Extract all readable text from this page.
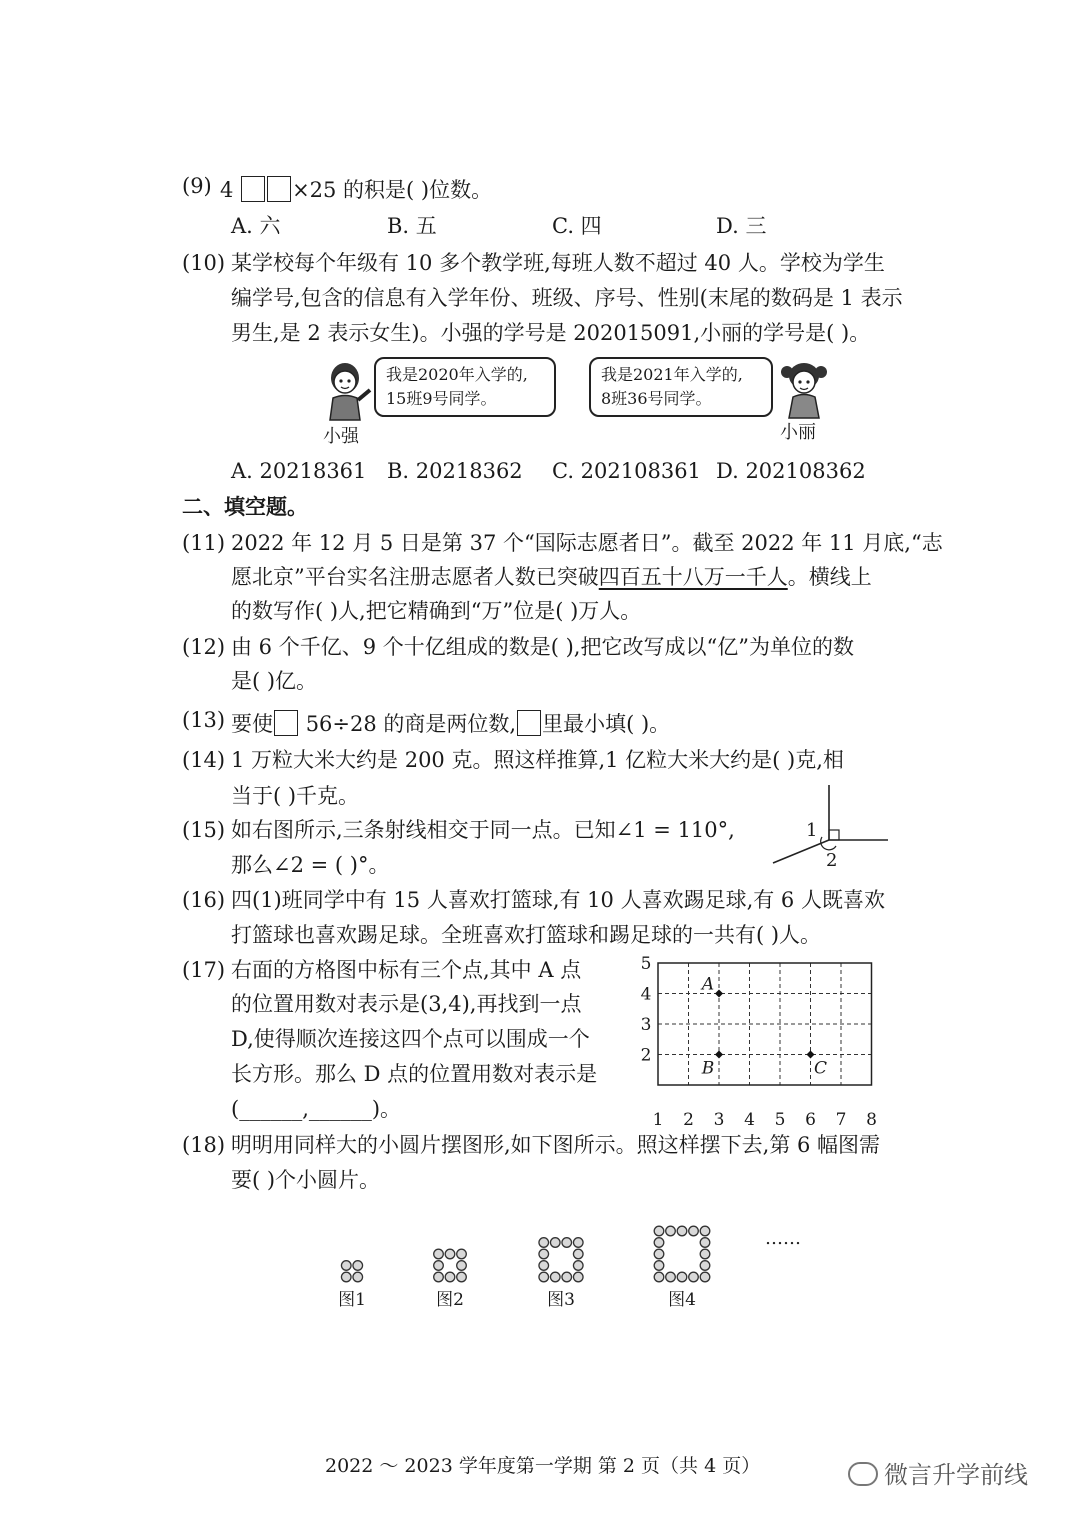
(9) 4	×25 的积是( )位数。
A. 六	B. 五	C. 四	D. 三
(10) 某学校每个年级有 10 多个教学班,每班人数不超过 40 人。学校为学生
编学号,包含的信息有入学年份、班级、序号、性别(末尾的数码是 1 表示
男生,是 2 表示女生)。小强的学号是 202015091,小丽的学号是( )。
我是2020年入学的,
15班9号同学。
小强
我是2021年入学的,
8班36号同学。
小丽
A. 20218361 B. 20218362 C. 202108361 D. 202108362
二、填空题。
(11) 2022 年 12 月 5 日是第 37 个“国际志愿者日”。截至 2022 年 11 月底,“志
愿北京”平台实名注册志愿者人数已突破四百五十八万一千人。横线上
的数写作( )人,把它精确到“万”位是( )万人。
(12) 由 6 个千亿、9 个十亿组成的数是( ),把它改写成以“亿”为单位的数
是( )亿。
(13) 要使 56÷28 的商是两位数, 里最小填( )。
(14) 1 万粒大米大约是 200 克。照这样推算,1 亿粒大米大约是( )克,相
当于( )千克。
(15) 如右图所示,三条射线相交于同一点。已知∠1 = 110°,
那么∠2 = ( )°。
1
2
(16) 四(1)班同学中有 15 人喜欢打篮球,有 10 人喜欢踢足球,有 6 人既喜欢
打篮球也喜欢踢足球。全班喜欢打篮球和踢足球的一共有( )人。
(17) 右面的方格图中标有三个点,其中 A 点
的位置用数对表示是(3,4),再找到一点
D,使得顺次连接这四个点可以围成一个
长方形。那么 D 点的位置用数对表示是
(______,______)。	1 2 3 4 5 6 7 8
2
3
4
5
A
B	C
(18) 明明用同样大的小圆片摆图形,如下图所示。照这样摆下去,第 6 幅图需
要( )个小圆片。
图1	图2	图3	图4
……
2022 ～ 2023 学年度第一学期 第 2 页（共 4 页）	微言升学前线
